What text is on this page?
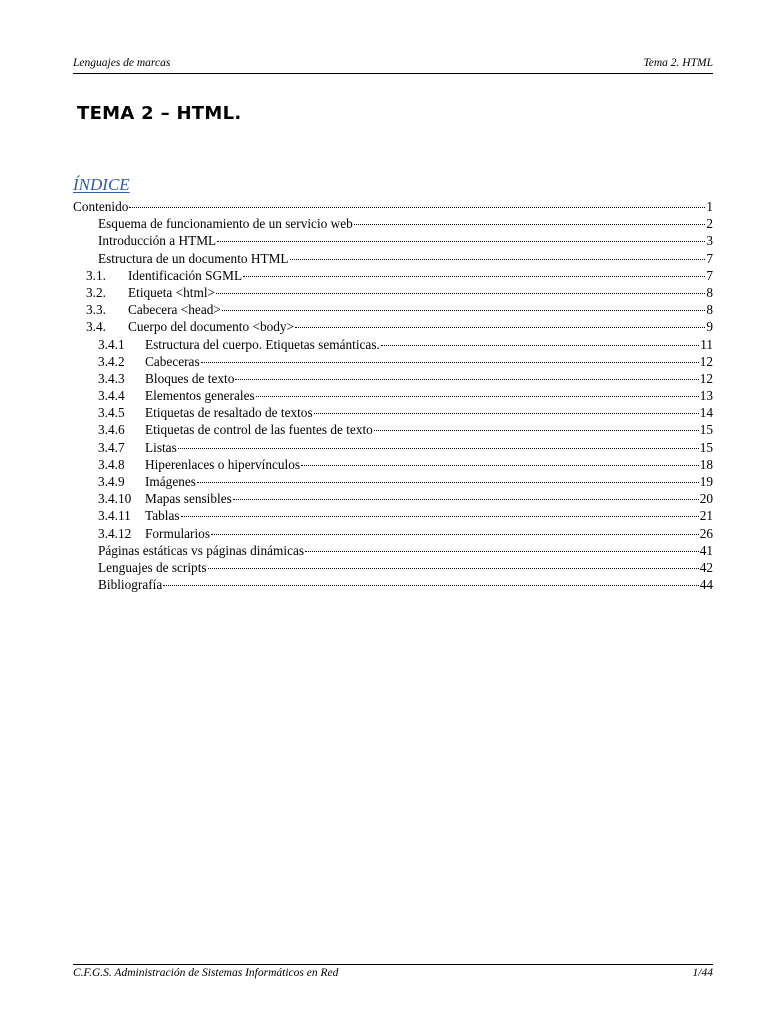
Lenguajes de marcas	Tema 2. HTML
TEMA 2 – HTML.
ÍNDICE
Contenido	1
Esquema de funcionamiento de un servicio web	2
Introducción a HTML	3
Estructura de un documento HTML	7
3.1.	Identificación SGML	7
3.2.	Etiqueta <html>	8
3.3.	Cabecera <head>	8
3.4.	Cuerpo del documento <body>	9
3.4.1	Estructura del cuerpo. Etiquetas semánticas.	11
3.4.2	Cabeceras	12
3.4.3	Bloques de texto	12
3.4.4	Elementos generales	13
3.4.5	Etiquetas de resaltado de textos	14
3.4.6	Etiquetas de control de las fuentes de texto	15
3.4.7	Listas	15
3.4.8	Hiperenlaces o hipervínculos	18
3.4.9	Imágenes	19
3.4.10	Mapas sensibles	20
3.4.11	Tablas	21
3.4.12	Formularios	26
Páginas estáticas vs páginas dinámicas	41
Lenguajes de scripts	42
Bibliografía	44
C.F.G.S. Administración de Sistemas Informáticos en Red	1/44
